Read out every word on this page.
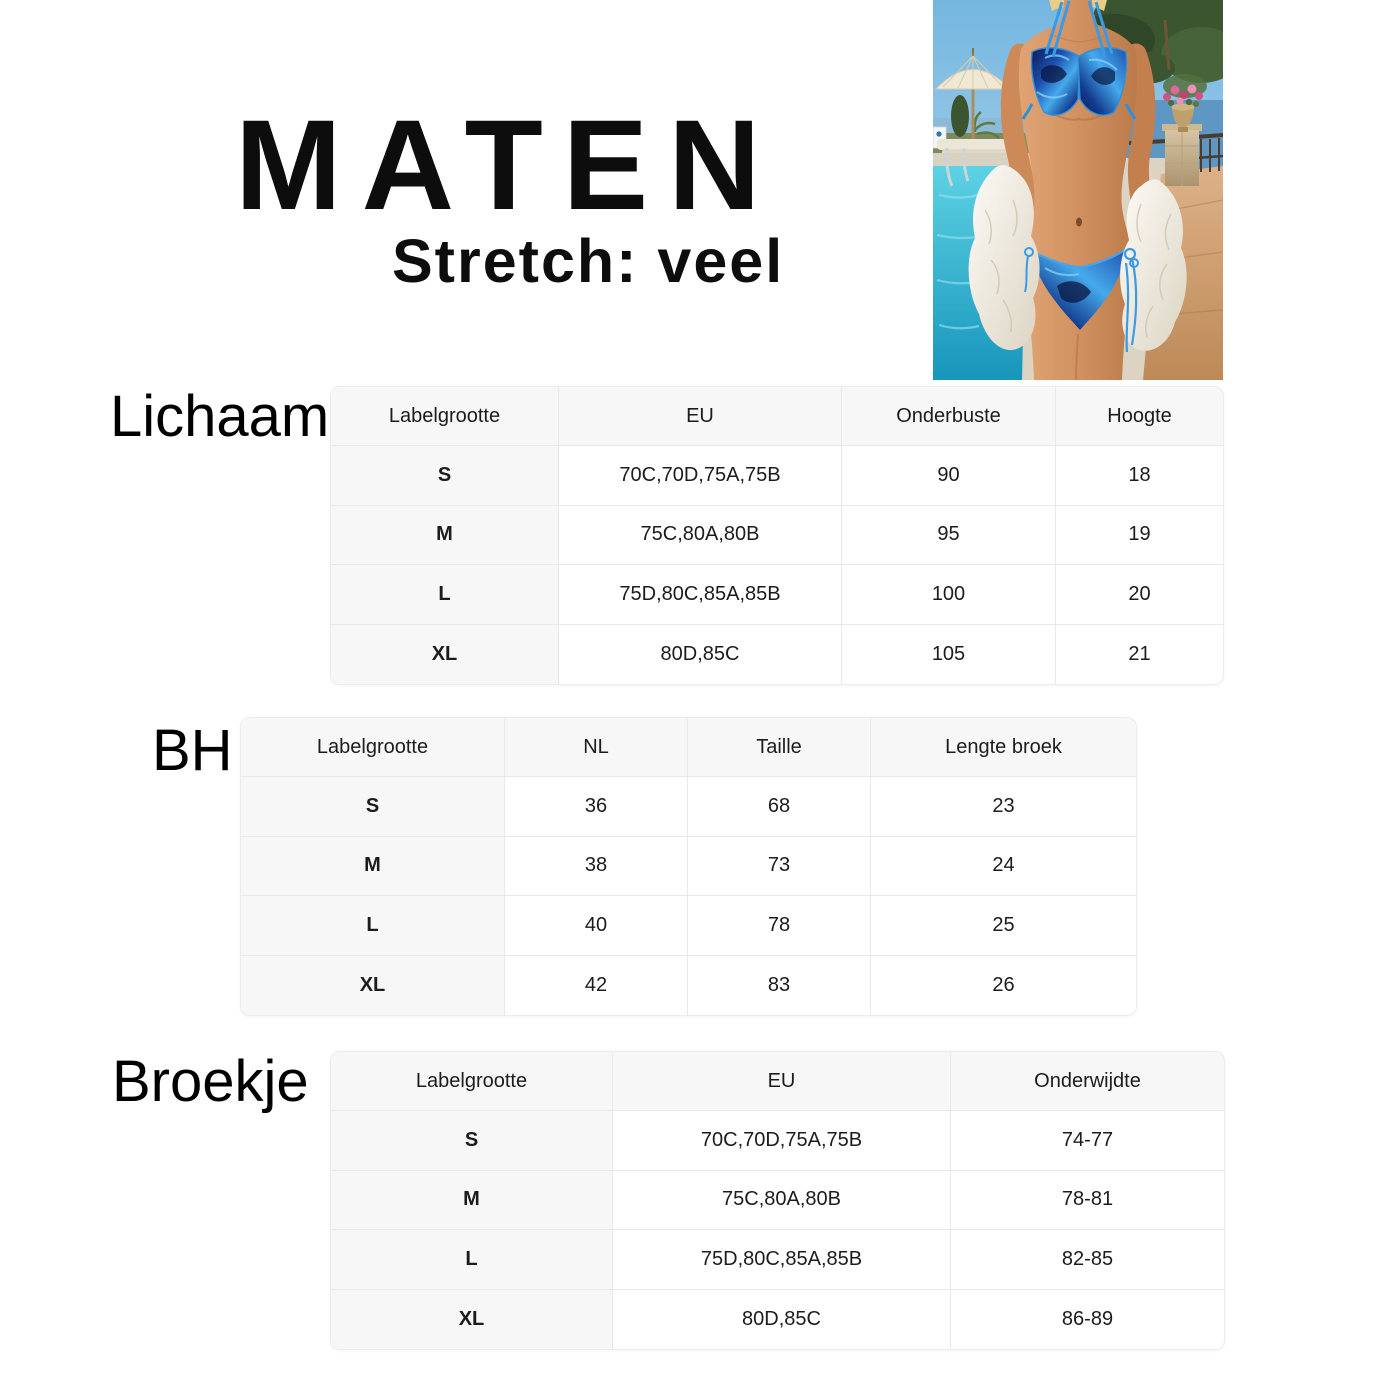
MATEN
Stretch: veel
Lichaam	Labelgrootte	EU	Onderbuste	Hoogte
S	70C,70D,75A,75B	90	18
M	75C,80A,80B	95	19
L	75D,80C,85A,85B	100	20
XL	80D,85C	105	21
BH	Labelgrootte	NL	Taille	Lengte broek
S	36	68	23
M	38	73	24
L	40	78	25
XL	42	83	26
Broekje	Labelgrootte	EU	Onderwijdte
S	70C,70D,75A,75B	74-77
M	75C,80A,80B	78-81
L	75D,80C,85A,85B	82-85
XL	80D,85C	86-89
